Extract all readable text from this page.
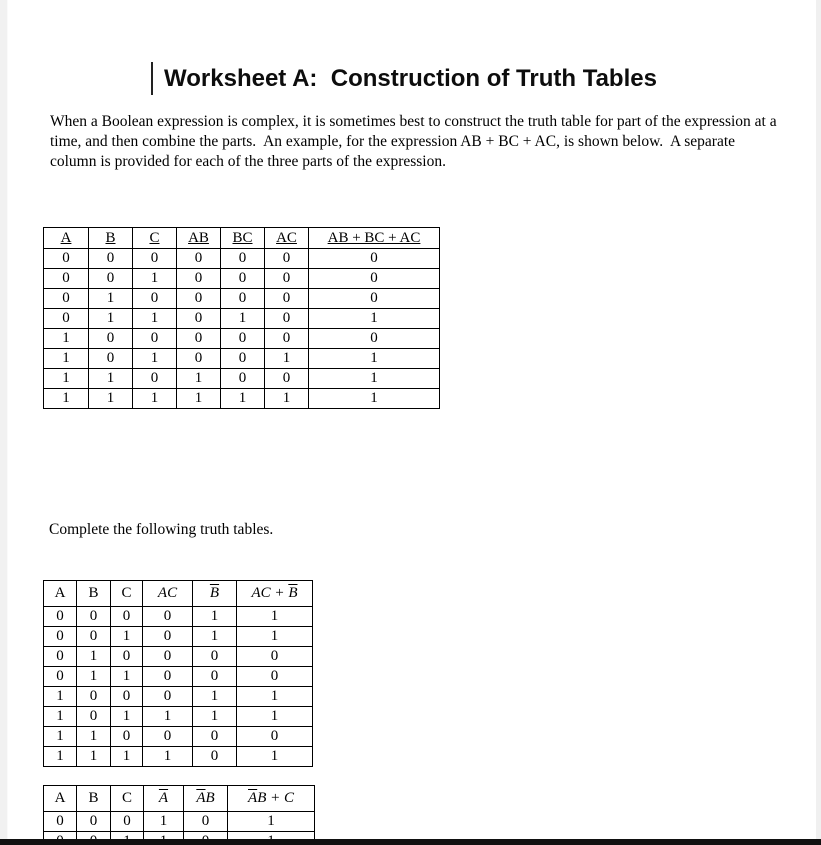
Worksheet A:  Construction of Truth Tables
When a Boolean expression is complex, it is sometimes best to construct the truth table for part of the expression at a
time, and then combine the parts.  An example, for the expression AB + BC + AC, is shown below.  A separate
column is provided for each of the three parts of the expression.
A	B	C	AB	BC	AC	AB + BC + AC
0	0	0	0	0	0	0
0	0	1	0	0	0	0
0	1	0	0	0	0	0
0	1	1	0	1	0	1
1	0	0	0	0	0	0
1	0	1	0	0	1	1
1	1	0	1	0	0	1
1	1	1	1	1	1	1
Complete the following truth tables.
A	B	C	AC	$\overline{B}$	AC + $\overline{B}$
0	0	0	0	1	1
0	0	1	0	1	1
0	1	0	0	0	0
0	1	1	0	0	0
1	0	0	0	1	1
1	0	1	1	1	1
1	1	0	0	0	0
1	1	1	1	0	1
A	B	C	$\overline{A}$	$\overline{A}B$	$\overline{A}B + C$
0	0	0	1	0	1
